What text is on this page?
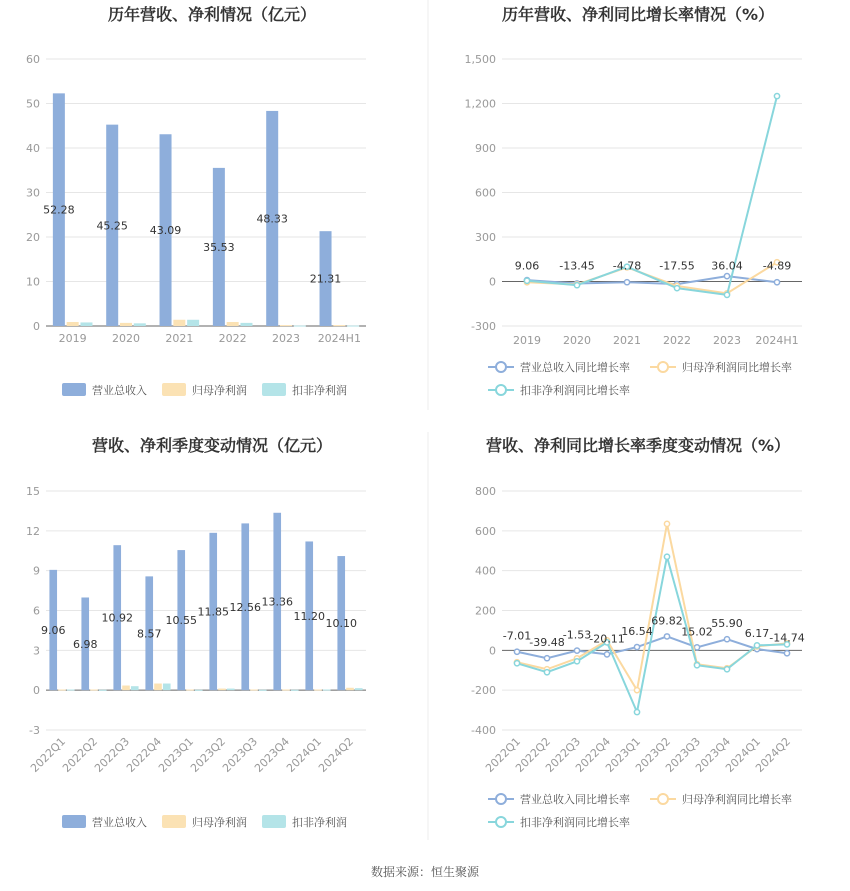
数据来源：恒生聚源
历年营收、净利情况（亿元）
0
10
20
30
40
50
60
2019 2020 2021 2022 2023 2024H1
52.28
45.25 43.09
35.53
48.33
21.31
营业总收入	归母净利润	扣非净利润
历年营收、净利同比增长率情况（%）
-300
0
300
600
900
1,200
1,500
2019 2020 2021 2022 2023 2024H1
9.06 -13.45 -4.78 -17.55 36.04 -4.89
营业总收入同比增长率	归母净利润同比增长率
扣非净利润同比增长率
营收、净利季度变动情况（亿元）
-3
0
3
6
9
12
15
2022Q1
2022Q2
2022Q3
2022Q4
2023Q1
2023Q2
2023Q3
2023Q4
2024Q1
2024Q2
9.06
6.98
10.92
8.57
10.55
11.85 12.56 13.36
11.20
10.10
营业总收入	归母净利润	扣非净利润
营收、净利同比增长率季度变动情况（%）
-400
-200
0
200
400
600
800
2022Q1
2022Q2
2022Q3
2022Q4
2023Q1
2023Q2
2023Q3
2023Q4
2024Q1
2024Q2
-7.01
-39.48
-1.53
-20.11
16.54
69.82
15.02
55.90
6.17 -14.74
营业总收入同比增长率	归母净利润同比增长率
扣非净利润同比增长率
